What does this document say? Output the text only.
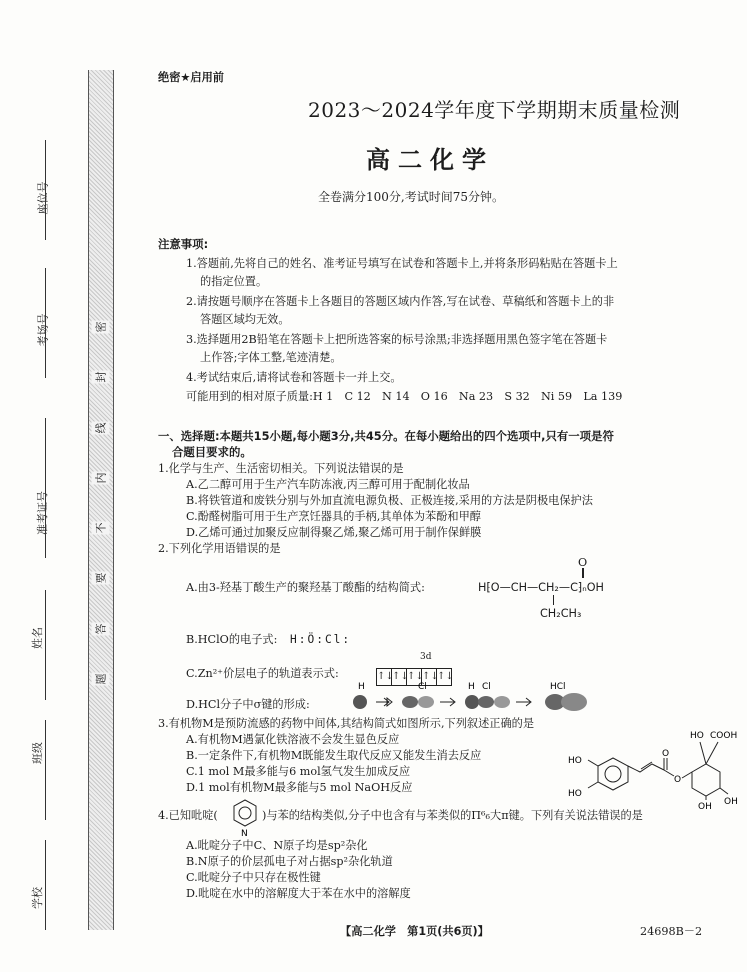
密
封
线
内
不
要
答
题
座位号
考场号
准考证号
姓名
班级
学校
绝密★启用前
2023～2024学年度下学期期末质量检测
高二化学
全卷满分100分,考试时间75分钟。
注意事项:
1.答题前,先将自己的姓名、准考证号填写在试卷和答题卡上,并将条形码粘贴在答题卡上
的指定位置。
2.请按题号顺序在答题卡上各题目的答题区域内作答,写在试卷、草稿纸和答题卡上的非
答题区域均无效。
3.选择题用2B铅笔在答题卡上把所选答案的标号涂黑;非选择题用黑色签字笔在答题卡
上作答;字体工整,笔迹清楚。
4.考试结束后,请将试卷和答题卡一并上交。
可能用到的相对原子质量:H 1　C 12　N 14　O 16　Na 23　S 32　Ni 59　La 139
一、选择题:本题共15小题,每小题3分,共45分。在每小题给出的四个选项中,只有一项是符
合题目要求的。
1.化学与生产、生活密切相关。下列说法错误的是
A.乙二醇可用于生产汽车防冻液,丙三醇可用于配制化妆品
B.将铁管道和废铁分别与外加直流电源负极、正极连接,采用的方法是阴极电保护法
C.酚醛树脂可用于生产烹饪器具的手柄,其单体为苯酚和甲醇
D.乙烯可通过加聚反应制得聚乙烯,聚乙烯可用于制作保鲜膜
2.下列化学用语错误的是
A.由3-羟基丁酸生产的聚羟基丁酸酯的结构简式:
O
H⁅O—CH—CH₂—C⁆ₙOH
CH₂CH₃
B.HClO的电子式: H:Ö:Cl:
C.Zn²⁺价层电子的轨道表示式:
3d
↑↓↑↓↑↓↑↓↑↓
D.HCl分子中σ键的形成:
H	Cl	H Cl	HCl
3.有机物M是预防流感的药物中间体,其结构简式如图所示,下列叙述正确的是
A.有机物M遇氯化铁溶液不会发生显色反应
B.一定条件下,有机物M既能发生取代反应又能发生消去反应
C.1 mol M最多能与6 mol氢气发生加成反应
D.1 mol有机物M最多能与5 mol NaOH反应
HO
HO
O
O
HO COOH
OH
OH
4.已知吡啶(
N
)与苯的结构类似,分子中也含有与苯类似的Π⁶₆大π键。下列有关说法错误的是
A.吡啶分子中C、N原子均是sp²杂化
B.N原子的价层孤电子对占据sp²杂化轨道
C.吡啶分子中只存在极性键
D.吡啶在水中的溶解度大于苯在水中的溶解度
【高二化学　第1页(共6页)】	24698B－2
